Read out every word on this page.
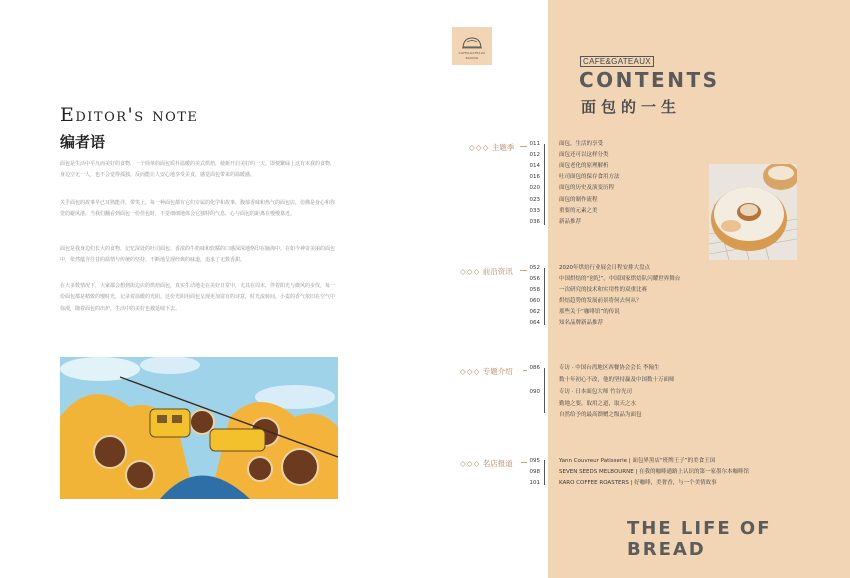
CAFE&GATEAUX
BAKING	CAFE&GATEAUX
CONTENTS
面包的一生
THE LIFE OF BREAD
Editor's note
编者语
面包是生活中平凡而美好的食物，一个简单的面包质朴温暖的美式烘焙，使新开启美好的一天。即便繁碌上这有未我的食物，身边空无一人，也不会觉得孤独，反而能让人安心地享受美食，感觉面包带来的温暖感。
关乎面包的故事早已耳熟能详，带笑上，每一种面包都有它们专属的化学和故事，馥郁香味和热气的面包店，仿佛是身心和你觉的避风港。当我们翻看到面包一份佳包时，不觉细细地体会它独特的气息，心与面包的距离在慢慢靠近。
面包是我身边们长大的食物，记忆深处的吐司面包、香浓的牛奶味和软糯的口感深深地烙印在脑海中。在如今神奇美丽的面包中，依然蕴含往昔的温情与传统的坚持，不断地呈现经典的味道，追求了无数香甜。
在大多数情况下，大家都会想到街边店的烘焙面包，真实生动地走在美好日常中，尤其在周末，伴着阳光与微风的步伐，每一份面包都是精致的慢时光，记录着温暖的光阴。这份光阴用面包呈现更加富有的诗意，时光流转间，小麦的香气依旧在空气中弥漫，随着面包的出炉，生活中的美好也被延续下去。
◇◇◇ 主题季
◇◇◇ 前沿资讯
◇◇◇ 专题介绍
◇◇◇ 名店报道
011	面包，生活的享受
012	面包还可以这样分类
014	面包老化的原理解析
016	吐司面包的保存食用方法
020	面包的历史及演变历程
023	面包的制作流程
033	重要的元素之美
036	新品推荐
052	2020年烘焙行业展会日程安排大盘点
056	中国烘焙的“创纪”，中国国家烘焙队闪耀世界舞台
058	一次研究的技术和实用性的双重比赛
060	烘焙趋势的发展前景将何去何从？
062	那些关于“咖啡馆”的传说
064	知名品牌新品推荐
086	专访 · 中国台湾地区西餐协会会长 李翰生
数十年初心不改，他的坚持赢及中国数十万面师
090	专访 · 日本面包大师 竹谷光司
勤地之要，取用之道，取天之水
自然给予的最高馈赠之级品为面包
095	Yann Couvreur Patisserie | 面包界黑店“班牌王子”的美食王国
098	SEVEN SEEDS MELBOURNE | 在我的咖啡通路上认识的第一家墨尔本咖啡馆
101	KARO COFFEE ROASTERS | 好咖啡，美奢香，与一个美情故事
